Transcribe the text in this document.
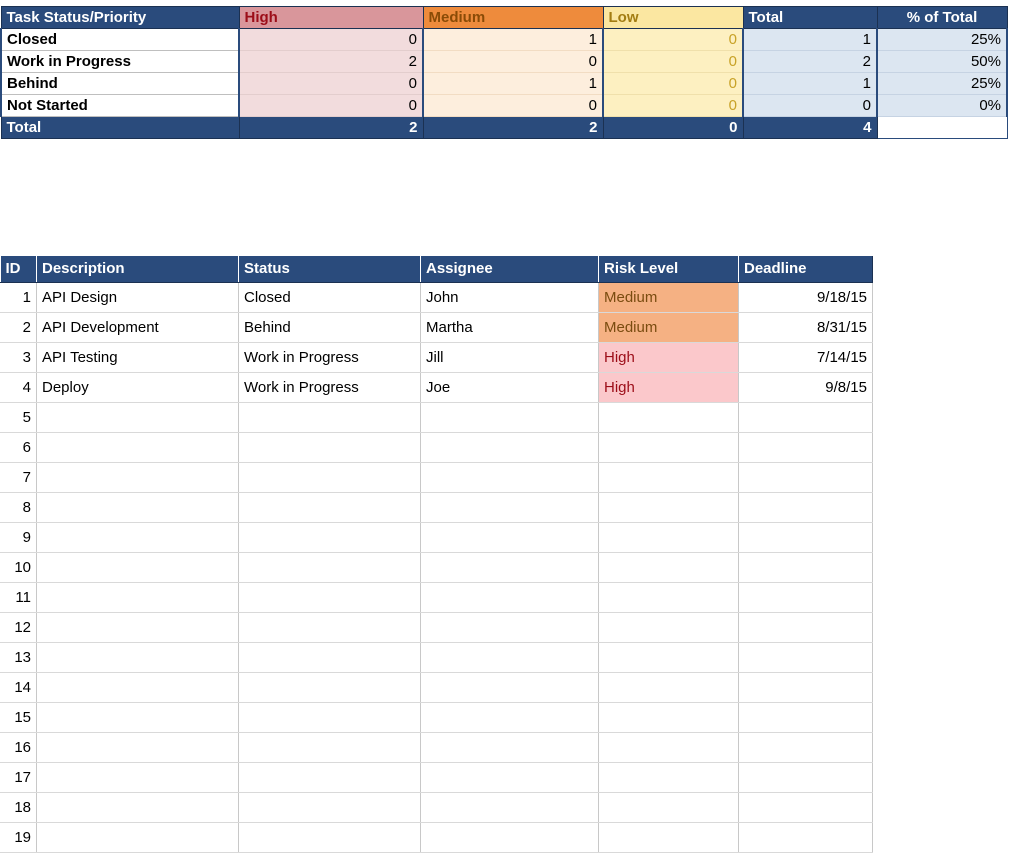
Task Status/Priority	High	Medium	Low	Total	% of Total
Closed	0	1	0	1	25%
Work in Progress	2	0	0	2	50%
Behind	0	1	0	1	25%
Not Started	0	0	0	0	0%
Total	2	2	0	4	
ID	Description	Status	Assignee	Risk Level	Deadline
1	API Design	Closed	John	Medium	9/18/15
2	API Development	Behind	Martha	Medium	8/31/15
3	API Testing	Work in Progress	Jill	High	7/14/15
4	Deploy	Work in Progress	Joe	High	9/8/15
5					
6					
7					
8					
9					
10					
11					
12					
13					
14					
15					
16					
17					
18					
19					
